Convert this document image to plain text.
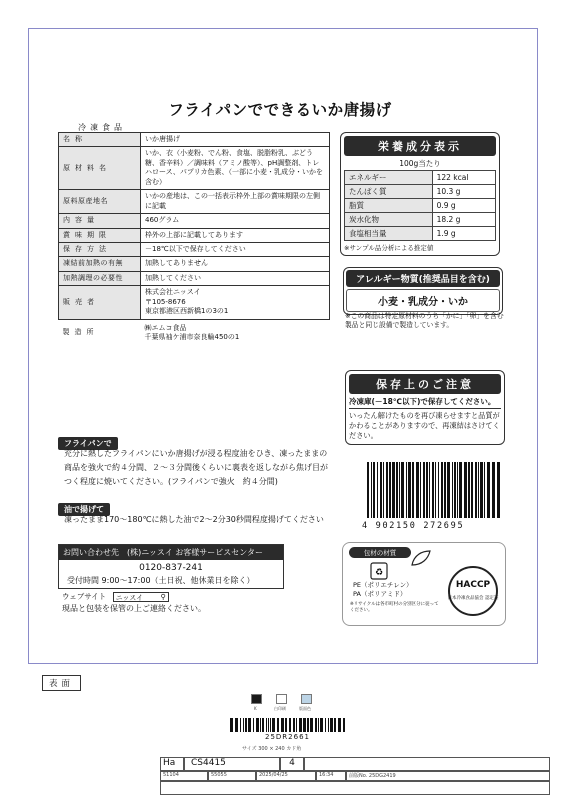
フライパンでできるいか唐揚げ
冷凍食品
名称	いか唐揚げ
原材料名	いか、衣（小麦粉、でん粉、食塩、脱脂粉乳、ぶどう糖、香辛料）／調味料（アミノ酸等）、pH調整剤、トレハロース、パプリカ色素、（一部に小麦・乳成分・いかを含む）
原料原産地名	いかの産地は、この一括表示枠外上部の賞味期限の左側に記載
内容量	460グラム
賞味期限	枠外の上部に記載してあります
保存方法	－18℃以下で保存してください
凍結前加熱の有無	加熱してありません
加熱調理の必要性	加熱してください
販売者	株式会社ニッスイ
〒105-8676
東京都港区西新橋1の3の1
製造所	㈱エムコ食品
千葉県袖ケ浦市奈良輪450の1
栄養成分表示
100g当たり
エネルギー	122 kcal
たんぱく質	10.3 g
脂質	0.9 g
炭水化物	18.2 g
食塩相当量	1.9 g
※サンプル品分析による推定値
アレルギー物質(推奨品目を含む)
小麦・乳成分・いか
※この商品は特定原材料のうち「かに」「卵」を含む製品と同じ設備で製造しています。
保存上のご注意
冷凍庫(－18℃以下)で保存してください。
いったん解けたものを再び凍らせますと品質がかわることがありますので、再凍結はさけてください。
フライパンで
充分に熱したフライパンにいか唐揚げが浸る程度油をひき、凍ったままの商品を強火で約４分間、２～３分間後くらいに裏表を返しながら焦げ目がつく程度に焼いてください。(フライパンで強火　約４分間)
油で揚げて
凍ったまま170～180℃に熱した油で2～2分30秒間程度揚げてください
お問い合わせ先　(株)ニッスイ お客様サービスセンター
0120-837-241
受付時間 9:00～17:00（土日祝、他休業日を除く）
ウェブサイト ニッスイ ⚲
現品と包装を保管の上ご連絡ください。
4 902150 272695
包材の材質
♻
PE（ポリエチレン）
PA（ポリアミド）
※リサイクルは各市町村の分別区分に従ってください。
HACCP
日本冷凍食品協会 認定証
表面
K	白印刷	版面色
25DR2661
サイズ 300 × 240 カド角
Ha	CS4415	4
51104	55055	2025/04/25	16:34	前版No. 25DG2419
